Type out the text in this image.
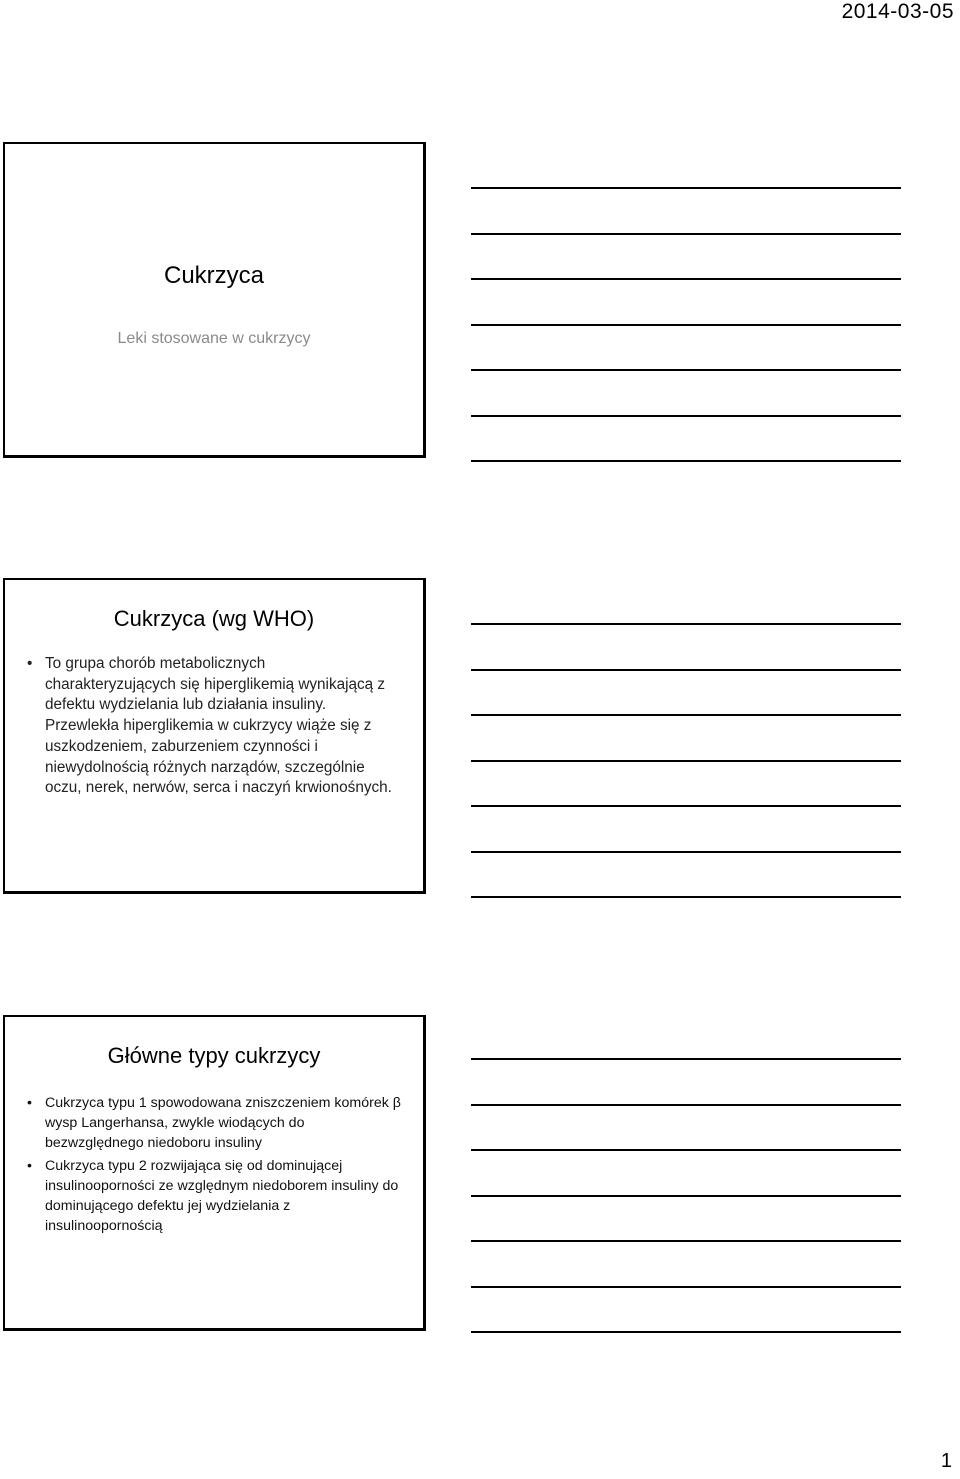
2014-03-05
Cukrzyca
Leki stosowane w cukrzycy
Cukrzyca (wg WHO)
• To grupa chorób metabolicznych charakteryzujących się hiperglikemią wynikającą z defektu wydzielania lub działania insuliny. Przewlekła hiperglikemia w cukrzycy wiąże się z uszkodzeniem, zaburzeniem czynności i niewydolnością różnych narządów, szczególnie oczu, nerek, nerwów, serca i naczyń krwionośnych.
Główne typy cukrzycy
• Cukrzyca typu 1 spowodowana zniszczeniem komórek β wysp Langerhansa, zwykle wiodących do bezwzględnego niedoboru insuliny
• Cukrzyca typu 2 rozwijająca się od dominującej insulinooporności ze względnym niedoborem insuliny do dominującego defektu jej wydzielania z insulinoopornością
1
